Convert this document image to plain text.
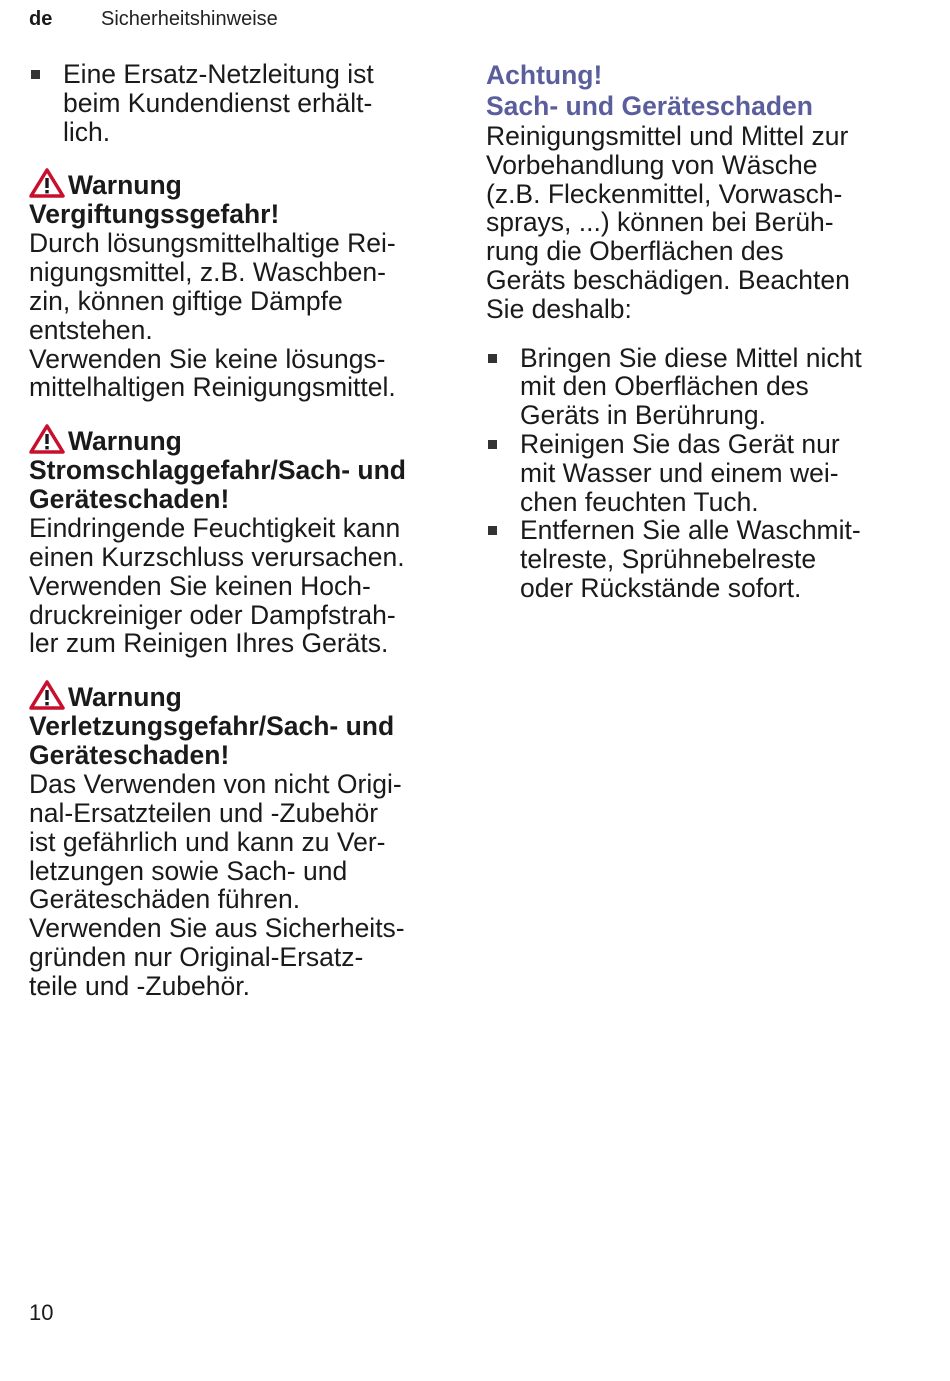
de Sicherheitshinweise
Eine Ersatz-Netzleitung ist
beim Kundendienst erhält-
lich.
Warnung
Vergiftungssgefahr!
Durch lösungsmittelhaltige Rei-
nigungsmittel, z.B. Waschben-
zin, können giftige Dämpfe
entstehen.
Verwenden Sie keine lösungs-
mittelhaltigen Reinigungsmittel.
Warnung
Stromschlaggefahr/Sach- und
Geräteschaden!
Eindringende Feuchtigkeit kann
einen Kurzschluss verursachen.
Verwenden Sie keinen Hoch-
druckreiniger oder Dampfstrah-
ler zum Reinigen Ihres Geräts.
Warnung
Verletzungsgefahr/Sach- und
Geräteschaden!
Das Verwenden von nicht Origi-
nal-Ersatzteilen und -Zubehör
ist gefährlich und kann zu Ver-
letzungen sowie Sach- und
Geräteschäden führen.
Verwenden Sie aus Sicherheits-
gründen nur Original-Ersatz-
teile und -Zubehör.
Achtung!
Sach- und Geräteschaden
Reinigungsmittel und Mittel zur
Vorbehandlung von Wäsche
(z.B. Fleckenmittel, Vorwasch-
sprays, ...) können bei Berüh-
rung die Oberflächen des
Geräts beschädigen. Beachten
Sie deshalb:
Bringen Sie diese Mittel nicht
mit den Oberflächen des
Geräts in Berührung.
Reinigen Sie das Gerät nur
mit Wasser und einem wei-
chen feuchten Tuch.
Entfernen Sie alle Waschmit-
telreste, Sprühnebelreste
oder Rückstände sofort.
10
